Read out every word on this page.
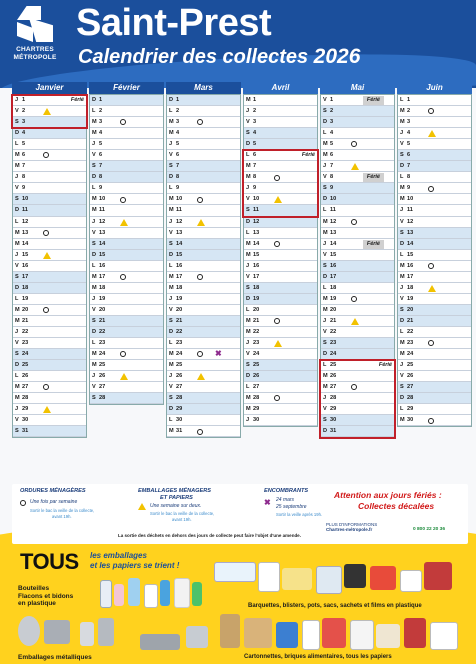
CHARTRES
MÉTROPOLE
Saint-Prest
Calendrier des collectes 2026
Janvier
J 1	Férié
V 2
S 3
D 4
L 5
M 6
M 7
J 8
V 9
S 10
D 11
L 12
M 13
M 14
J 15
V 16
S 17
D 18
L 19
M 20
M 21
J 22
V 23
S 24
D 25
L 26
M 27
M 28
J 29
V 30
S 31
Février
D 1
L 2
M 3
M 4
J 5
V 6
S 7
D 8
L 9
M 10
M 11
J 12
V 13
S 14
D 15
L 16
M 17
M 18
J 19
V 20
S 21
D 22
L 23
M 24
M 25
J 26
V 27
S 28
Mars
D 1
L 2
M 3
M 4
J 5
V 6
S 7
D 8
L 9
M 10
M 11
J 12
V 13
S 14
D 15
L 16
M 17
M 18
J 19
V 20
S 21
D 22
L 23
M 24	✖
M 25
J 26
V 27
S 28
D 29
L 30
M 31
Avril
M 1
J 2
V 3
S 4
D 5
L 6	Férié
M 7
M 8
J 9
V 10
S 11
D 12
L 13
M 14
M 15
J 16
V 17
S 18
D 19
L 20
M 21
M 22
J 23
V 24
S 25
D 26
L 27
M 28
M 29
J 30
Mai
V 1	Férié
S 2
D 3
L 4
M 5
M 6
J 7
V 8	Férié
S 9
D 10
L 11
M 12
M 13
J 14	Férié
V 15
S 16
D 17
L 18
M 19
M 20
J 21
V 22
S 23
D 24
L 25	Férié
M 26
M 27
J 28
V 29
S 30
D 31
Juin
L 1
M 2
M 3
J 4
V 5
S 6
D 7
L 8
M 9
M 10
J 11
V 12
S 13
D 14
L 15
M 16
M 17
J 18
V 19
S 20
D 21
L 22
M 23
M 24
J 25
V 26
S 27
D 28
L 29
M 30
ORDURES MÉNAGÈRES
Une fois par semaine
Sortir le bac la veille de la collecte,
avant 19h.
EMBALLAGES MÉNAGERS
ET PAPIERS
Une semaine sur deux.
Sortir le bac la veille de la collecte,
avant 19h.
ENCOMBRANTS
✖ 24 mars
25 septembre
Sortir la veille après 19h.
Attention aux jours fériés :
Collectes décalées
PLUS D'INFORMATIONS
Chartres-métropole.fr	0 800 22 20 36
La sortie des déchets en dehors des jours de collecte peut faire l'objet d'une amende.
TOUS les emballages
et les papiers se trient !
Bouteilles
Flacons et bidons
en plastique	Barquettes, blisters, pots, sacs, sachets et films en plastique
Emballages métalliques	Cartonnettes, briques alimentaires, tous les papiers
